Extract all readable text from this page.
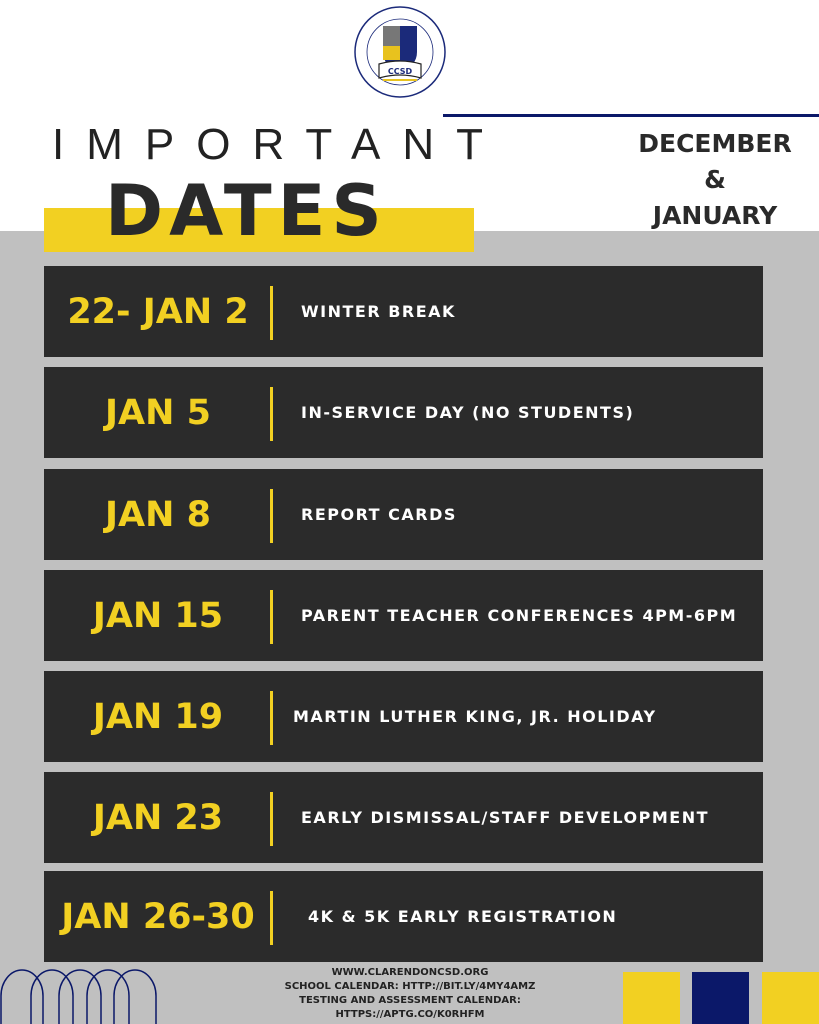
CCSD
IMPORTANT
DATES
DECEMBER
&
JANUARY
22- JAN 2	WINTER BREAK
JAN 5	IN-SERVICE DAY (NO STUDENTS)
JAN 8	REPORT CARDS
JAN 15	PARENT TEACHER CONFERENCES 4PM-6PM
JAN 19	MARTIN LUTHER KING, JR. HOLIDAY
JAN 23	EARLY DISMISSAL/STAFF DEVELOPMENT
JAN 26-30	4K & 5K EARLY REGISTRATION
WWW.CLARENDONCSD.ORG
SCHOOL CALENDAR: HTTP://BIT.LY/4MY4AMZ
TESTING AND ASSESSMENT CALENDAR:
HTTPS://APTG.CO/K0RHFM
